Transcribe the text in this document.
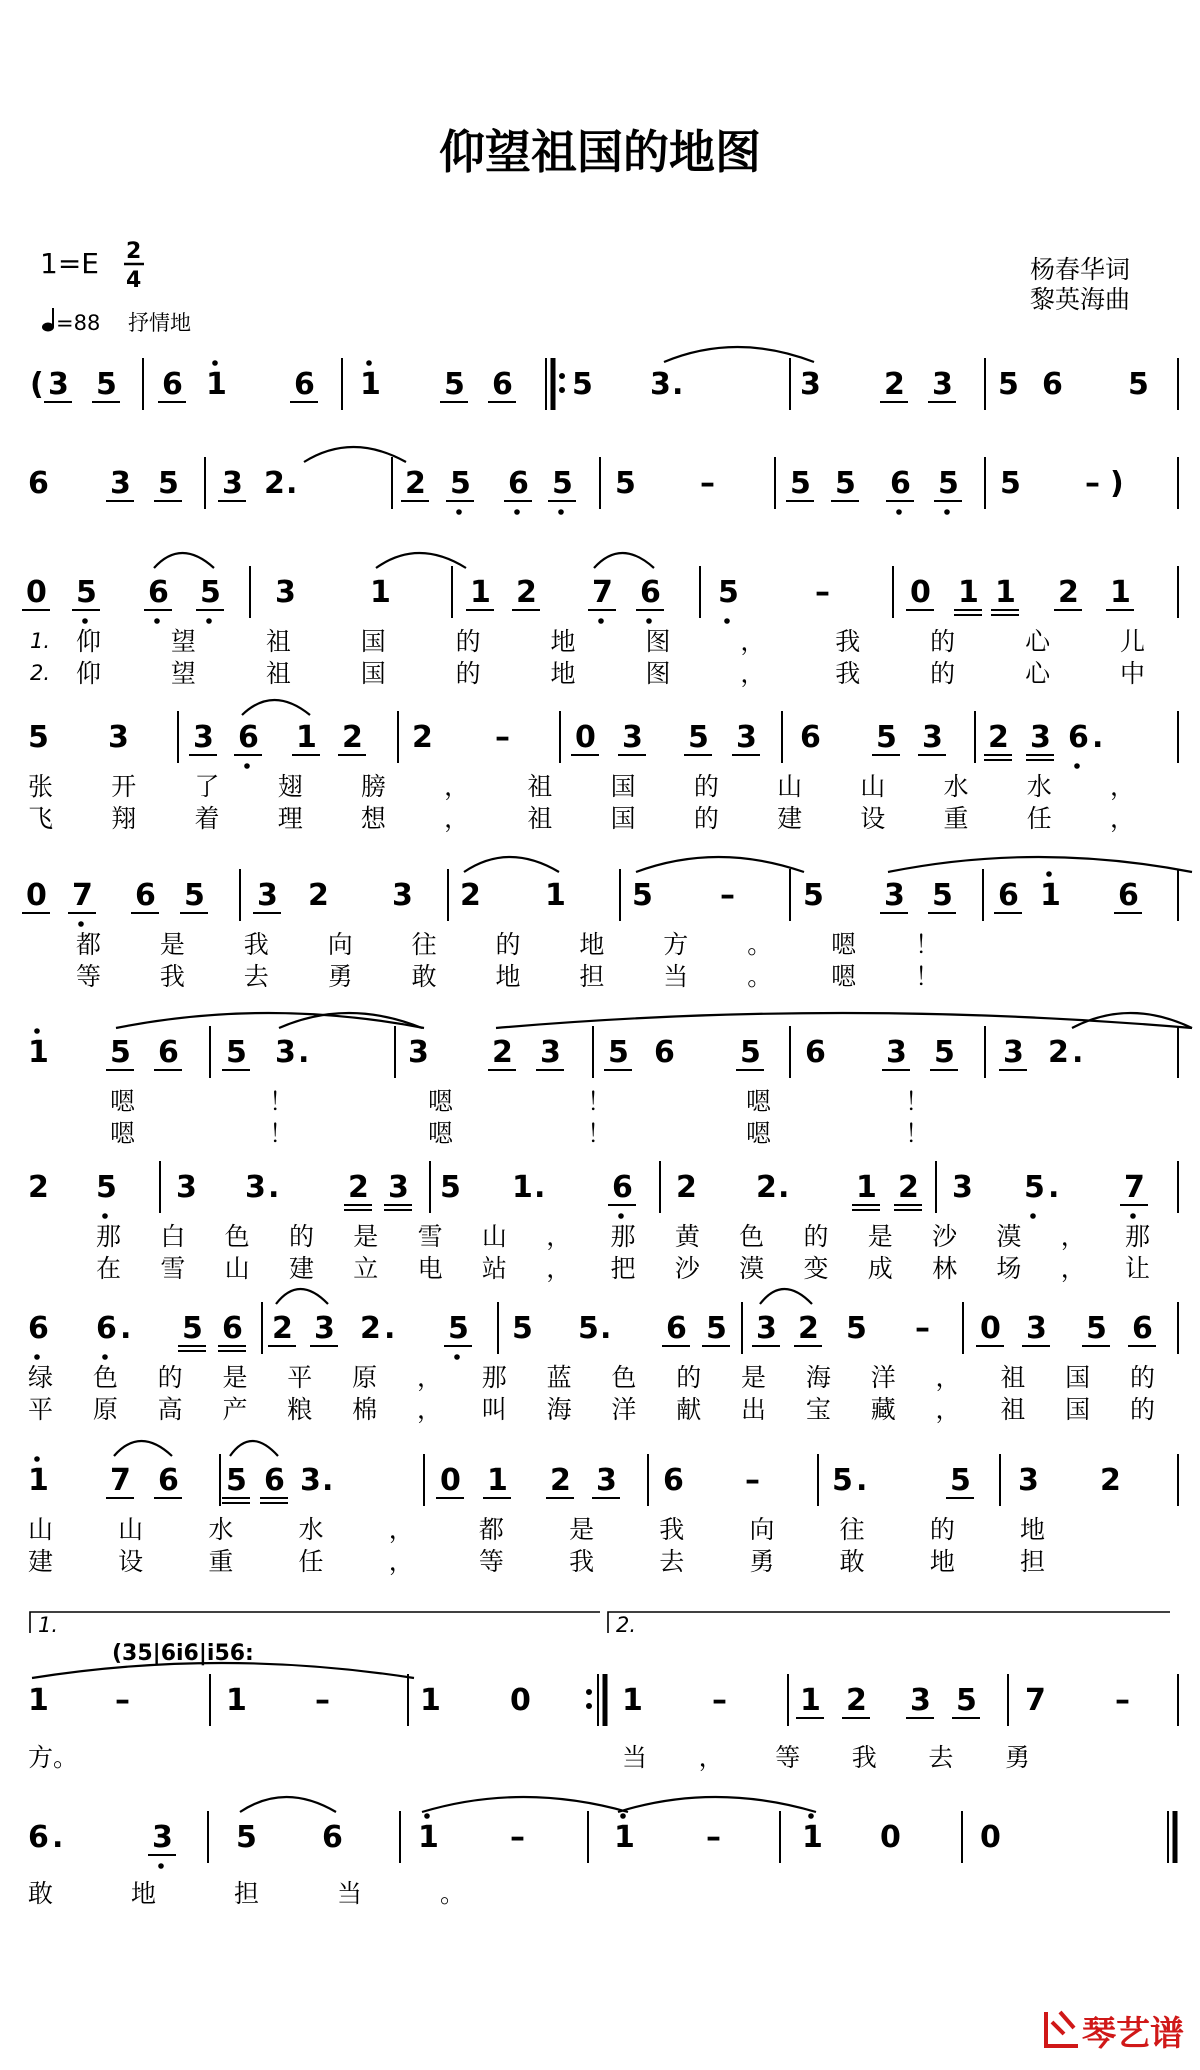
仰望祖国的地图
1=E 2
4
=88 抒情地
杨春华词
黎英海曲
琴艺谱
( 3 5 6 1 6 1 5 6 5 3 .	3 2 3 5 6 5
6 3 5 3 2 .	2 5 6 5 5 –	5 5 6 5 5 – )
0 5 6 5 3 1	1 2 7 6 5	–	0 1 1 2 1
5 3 3 6 1 2 2 – 0 3 5 3 6 5 3 2 3 6 .
0 7 6 5 3 2 3 2 1 5 – 5 3 5 6 1 6
1 5 6 5 3 .	3 2 3 5 6 5 6 3 5 3 2 .
2 5 3 3 . 2 3 5 1 . 6 2 2 . 1 2 3 5 . 7
6 6 . 5 6 2 3 2 . 5 5 5 . 6 5 3 2 5 – 0 3 5 6
1 7 6 5 6 3 .	0 1 2 3 6 – 5 .	5 3 2
1 –	1 –	1 0	1 – 1 2 3 5 7 –
6 .	3 5 6	1 –	1 –	1 0	0
1.	2.
(35|6i6|i56:
1.
2.
仰	望	祖	国	的	地	图	，	我	的	心	儿
仰	望	祖	国	的	地	图	，	我	的	心	中
张 开 了 翅 膀 ， 祖 国 的 山 山 水 水 ，
飞 翔 着 理 想 ， 祖 国 的 建 设 重 任 ，
都 是 我 向 往 的 地 方 。 嗯 ！
等 我 去 勇 敢 地 担 当 。 嗯 ！
嗯	！	嗯	！	嗯	！
嗯	！	嗯	！	嗯	！
那 白 色 的 是 雪 山 ， 那 黄 色 的 是 沙 漠 ， 那
在 雪 山 建 立 电 站 ， 把 沙 漠 变 成 林 场 ， 让
绿 色 的 是 平 原 ， 那 蓝 色 的 是 海 洋 ， 祖 国 的
平 原 高 产 粮 棉 ， 叫 海 洋 献 出 宝 藏 ， 祖 国 的
山	山	水	水	，	都	是	我	向	往	的	地
建	设	重	任	，	等	我	去	勇	敢	地	担
方。	当 ， 等 我 去 勇
敢	地	担	当	。
